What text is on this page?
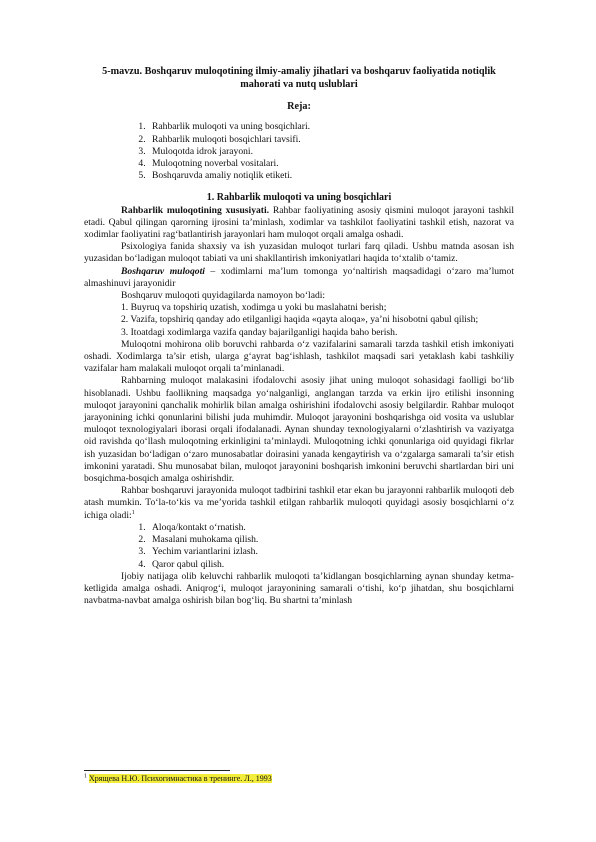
5-mavzu. Boshqaruv muloqotining ilmiy-amaliy jihatlari va boshqaruv faoliyatida notiqlik mahorati va nutq uslublari

Reja:
1. Rahbarlik muloqoti va uning bosqichlari.
2. Rahbarlik muloqoti bosqichlari tavsifi.
3. Muloqotda idrok jarayoni.
4. Muloqotning noverbal vositalari.
5. Boshqaruvda amaliy notiqlik etiketi.
1. Rahbarlik muloqoti va uning bosqichlari

Rahbarlik muloqotining xususiyati. Rahbar faoliyatining asosiy qismini muloqot jarayoni tashkil etadi. Qabul qilingan qarorning ijrosini ta’minlash, xodimlar va tashkilot faoliyatini tashkil etish, nazorat va xodimlar faoliyatini rag‘batlantirish jarayonlari ham muloqot orqali amalga oshadi.

Psixologiya fanida shaxsiy va ish yuzasidan muloqot turlari farq qiladi. Ushbu matnda asosan ish yuzasidan bo‘ladigan muloqot tabiati va uni shakllantirish imkoniyatlari haqida to‘xtalib o‘tamiz.

Boshqaruv muloqoti – xodimlarni ma’lum tomonga yo‘naltirish maqsadidagi o‘zaro ma’lumot almashinuvi jarayonidir

Boshqaruv muloqoti quyidagilarda namoyon bo‘ladi:

1. Buyruq va topshiriq uzatish, xodimga u yoki bu maslahatni berish;

2. Vazifa, topshiriq qanday ado etilganligi haqida «qayta aloqa», ya’ni hisobotni qabul qilish;

3. Itoatdagi xodimlarga vazifa qanday bajarilganligi haqida baho berish.

Muloqotni mohirona olib boruvchi rahbarda o‘z vazifalarini samarali tarzda tashkil etish imkoniyati oshadi. Xodimlarga ta’sir etish, ularga g‘ayrat bag‘ishlash, tashkilot maqsadi sari yetaklash kabi tashkiliy vazifalar ham malakali muloqot orqali ta’minlanadi.

Rahbarning muloqot malakasini ifodalovchi asosiy jihat uning muloqot sohasidagi faolligi bo‘lib hisoblanadi. Ushbu faollikning maqsadga yo‘nalganligi, anglangan tarzda va erkin ijro etilishi insonning muloqot jarayonini qanchalik mohirlik bilan amalga oshirishini ifodalovchi asosiy belgilardir. Rahbar muloqot jarayonining ichki qonunlarini bilishi juda muhimdir. Muloqot jarayonini boshqarishga oid vosita va uslublar muloqot texnologiyalari iborasi orqali ifodalanadi. Aynan shunday texnologiyalarni o‘zlashtirish va vaziyatga oid ravishda qo‘llash muloqotning erkinligini ta’minlaydi. Muloqotning ichki qonunlariga oid quyidagi fikrlar ish yuzasidan bo‘ladigan o‘zaro munosabatlar doirasini yanada kengaytirish va o‘zgalarga samarali ta’sir etish imkonini yaratadi. Shu munosabat bilan, muloqot jarayonini boshqarish imkonini beruvchi shartlardan biri uni bosqichma-bosqich amalga oshirishdir.

Rahbar boshqaruvi jarayonida muloqot tadbirini tashkil etar ekan bu jarayonni rahbarlik muloqoti deb atash mumkin. To‘la-to‘kis va me’yorida tashkil etilgan rahbarlik muloqoti quyidagi asosiy bosqichlarni o‘z ichiga oladi:$^1$

1. Aloqa/kontakt o‘rnatish.
2. Masalani muhokama qilish.
3. Yechim variantlarini izlash.
4. Qaror qabul qilish.

Ijobiy natijaga olib keluvchi rahbarlik muloqoti ta’kidlangan bosqichlarning aynan shunday ketma-ketligida amalga oshadi. Aniqrog‘i, muloqot jarayonining samarali o‘tishi, ko‘p jihatdan, shu bosqichlarni navbatma-navbat amalga oshirish bilan bog‘liq. Bu shartni ta’minlash

$^1$ Хрящева Н.Ю. Психогимнастика в тренинге. Л., 1993
